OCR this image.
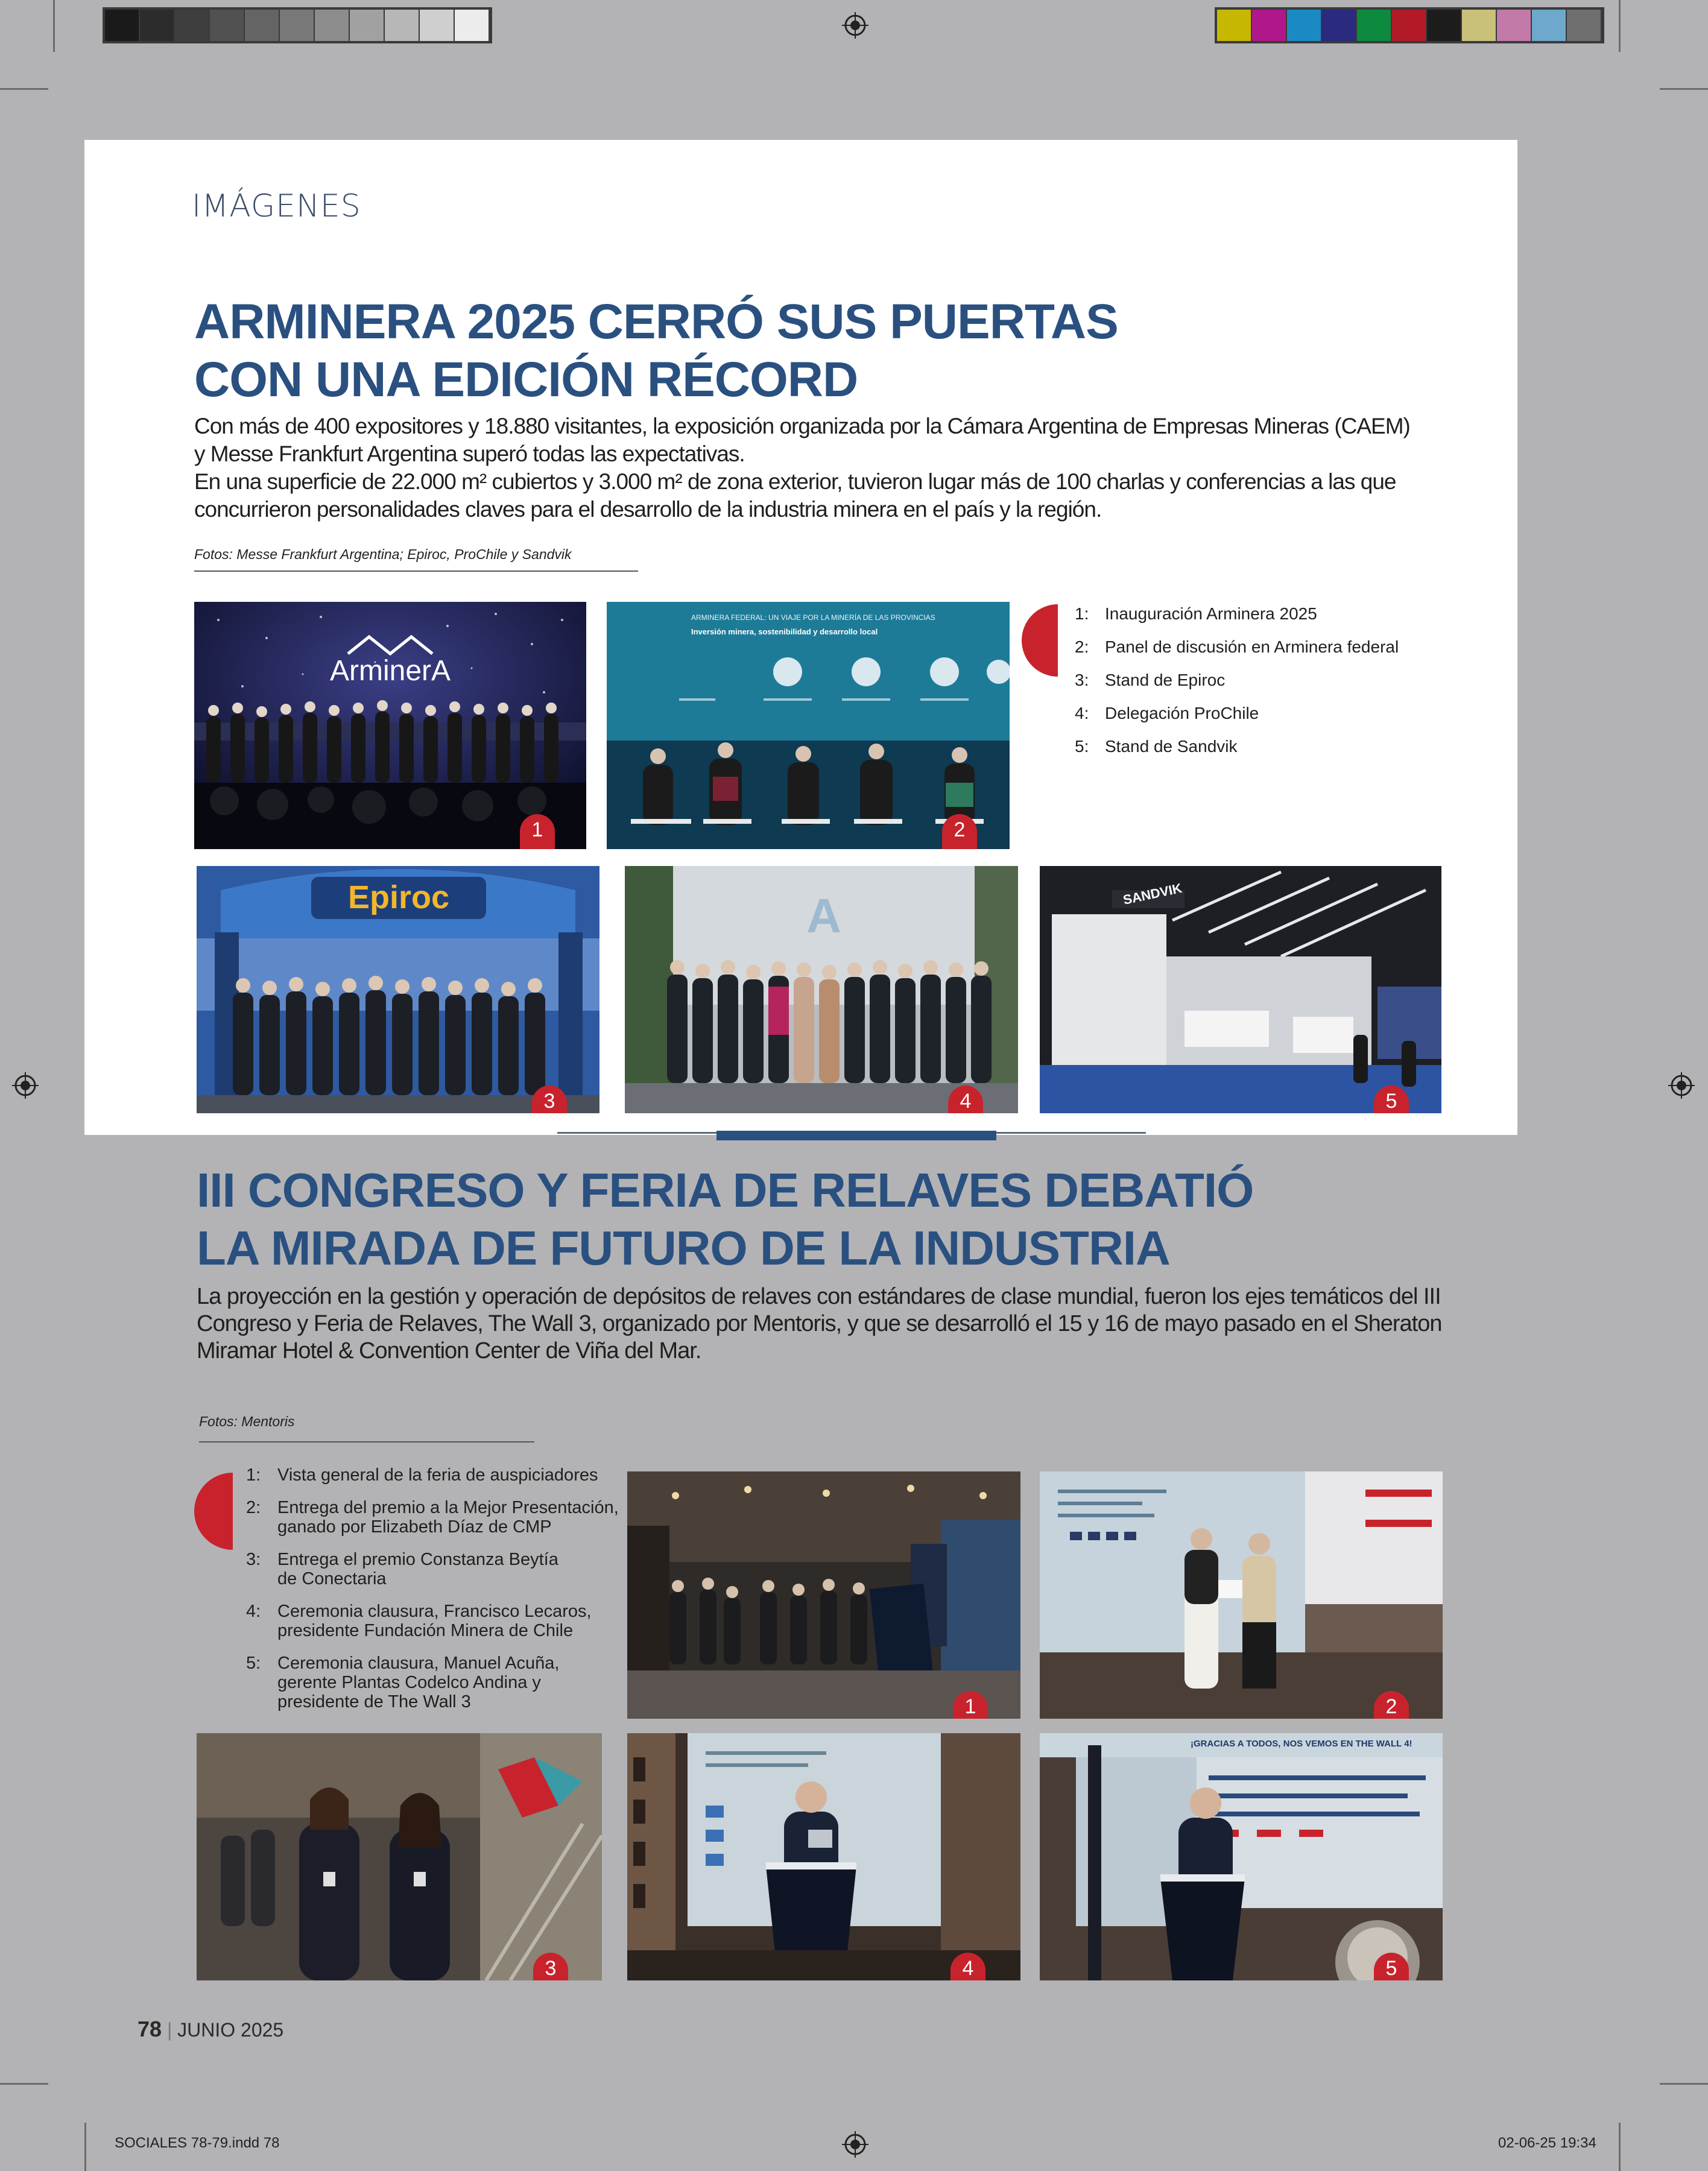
SOCIALES 78-79.indd 78	02-06-25 19:34
IMÁGENES
ARMINERA 2025 CERRÓ SUS PUERTAS
CON UNA EDICIÓN RÉCORD
Con más de 400 expositores y 18.880 visitantes, la exposición organizada por la Cámara Argentina de Empresas Mineras (CAEM)
y Messe Frankfurt Argentina superó todas las expectativas.
En una superficie de 22.000 m² cubiertos y 3.000 m² de zona exterior, tuvieron lugar más de 100 charlas y conferencias a las que
concurrieron personalidades claves para el desarrollo de la industria minera en el país y la región.
Fotos: Messe Frankfurt Argentina; Epiroc, ProChile y Sandvik
ArminerA
1
ARMINERA FEDERAL: UN VIAJE POR LA MINERÍA DE LAS PROVINCIAS
Inversión minera, sostenibilidad y desarrollo local
2
1: Inauguración Arminera 2025
2: Panel de discusión en Arminera federal
3: Stand de Epiroc
4: Delegación ProChile
5: Stand de Sandvik
Epiroc
3
A
4
SANDVIK
5
III CONGRESO Y FERIA DE RELAVES DEBATIÓ
LA MIRADA DE FUTURO DE LA INDUSTRIA
La proyección en la gestión y operación de depósitos de relaves con estándares de clase mundial, fueron los ejes temáticos del III
Congreso y Feria de Relaves, The Wall 3, organizado por Mentoris, y que se desarrolló el 15 y 16 de mayo pasado en el Sheraton
Miramar Hotel & Convention Center de Viña del Mar.
Fotos: Mentoris
1: Vista general de la feria de auspiciadores
2: Entrega del premio a la Mejor Presentación,
ganado por Elizabeth Díaz de CMP
3: Entrega el premio Constanza Beytía
de Conectaria
4: Ceremonia clausura, Francisco Lecaros,
presidente Fundación Minera de Chile
5: Ceremonia clausura, Manuel Acuña,
gerente Plantas Codelco Andina y
presidente de The Wall 3	1	2
3	4
¡GRACIAS A TODOS, NOS VEMOS EN THE WALL 4!
5
78 | JUNIO 2025
